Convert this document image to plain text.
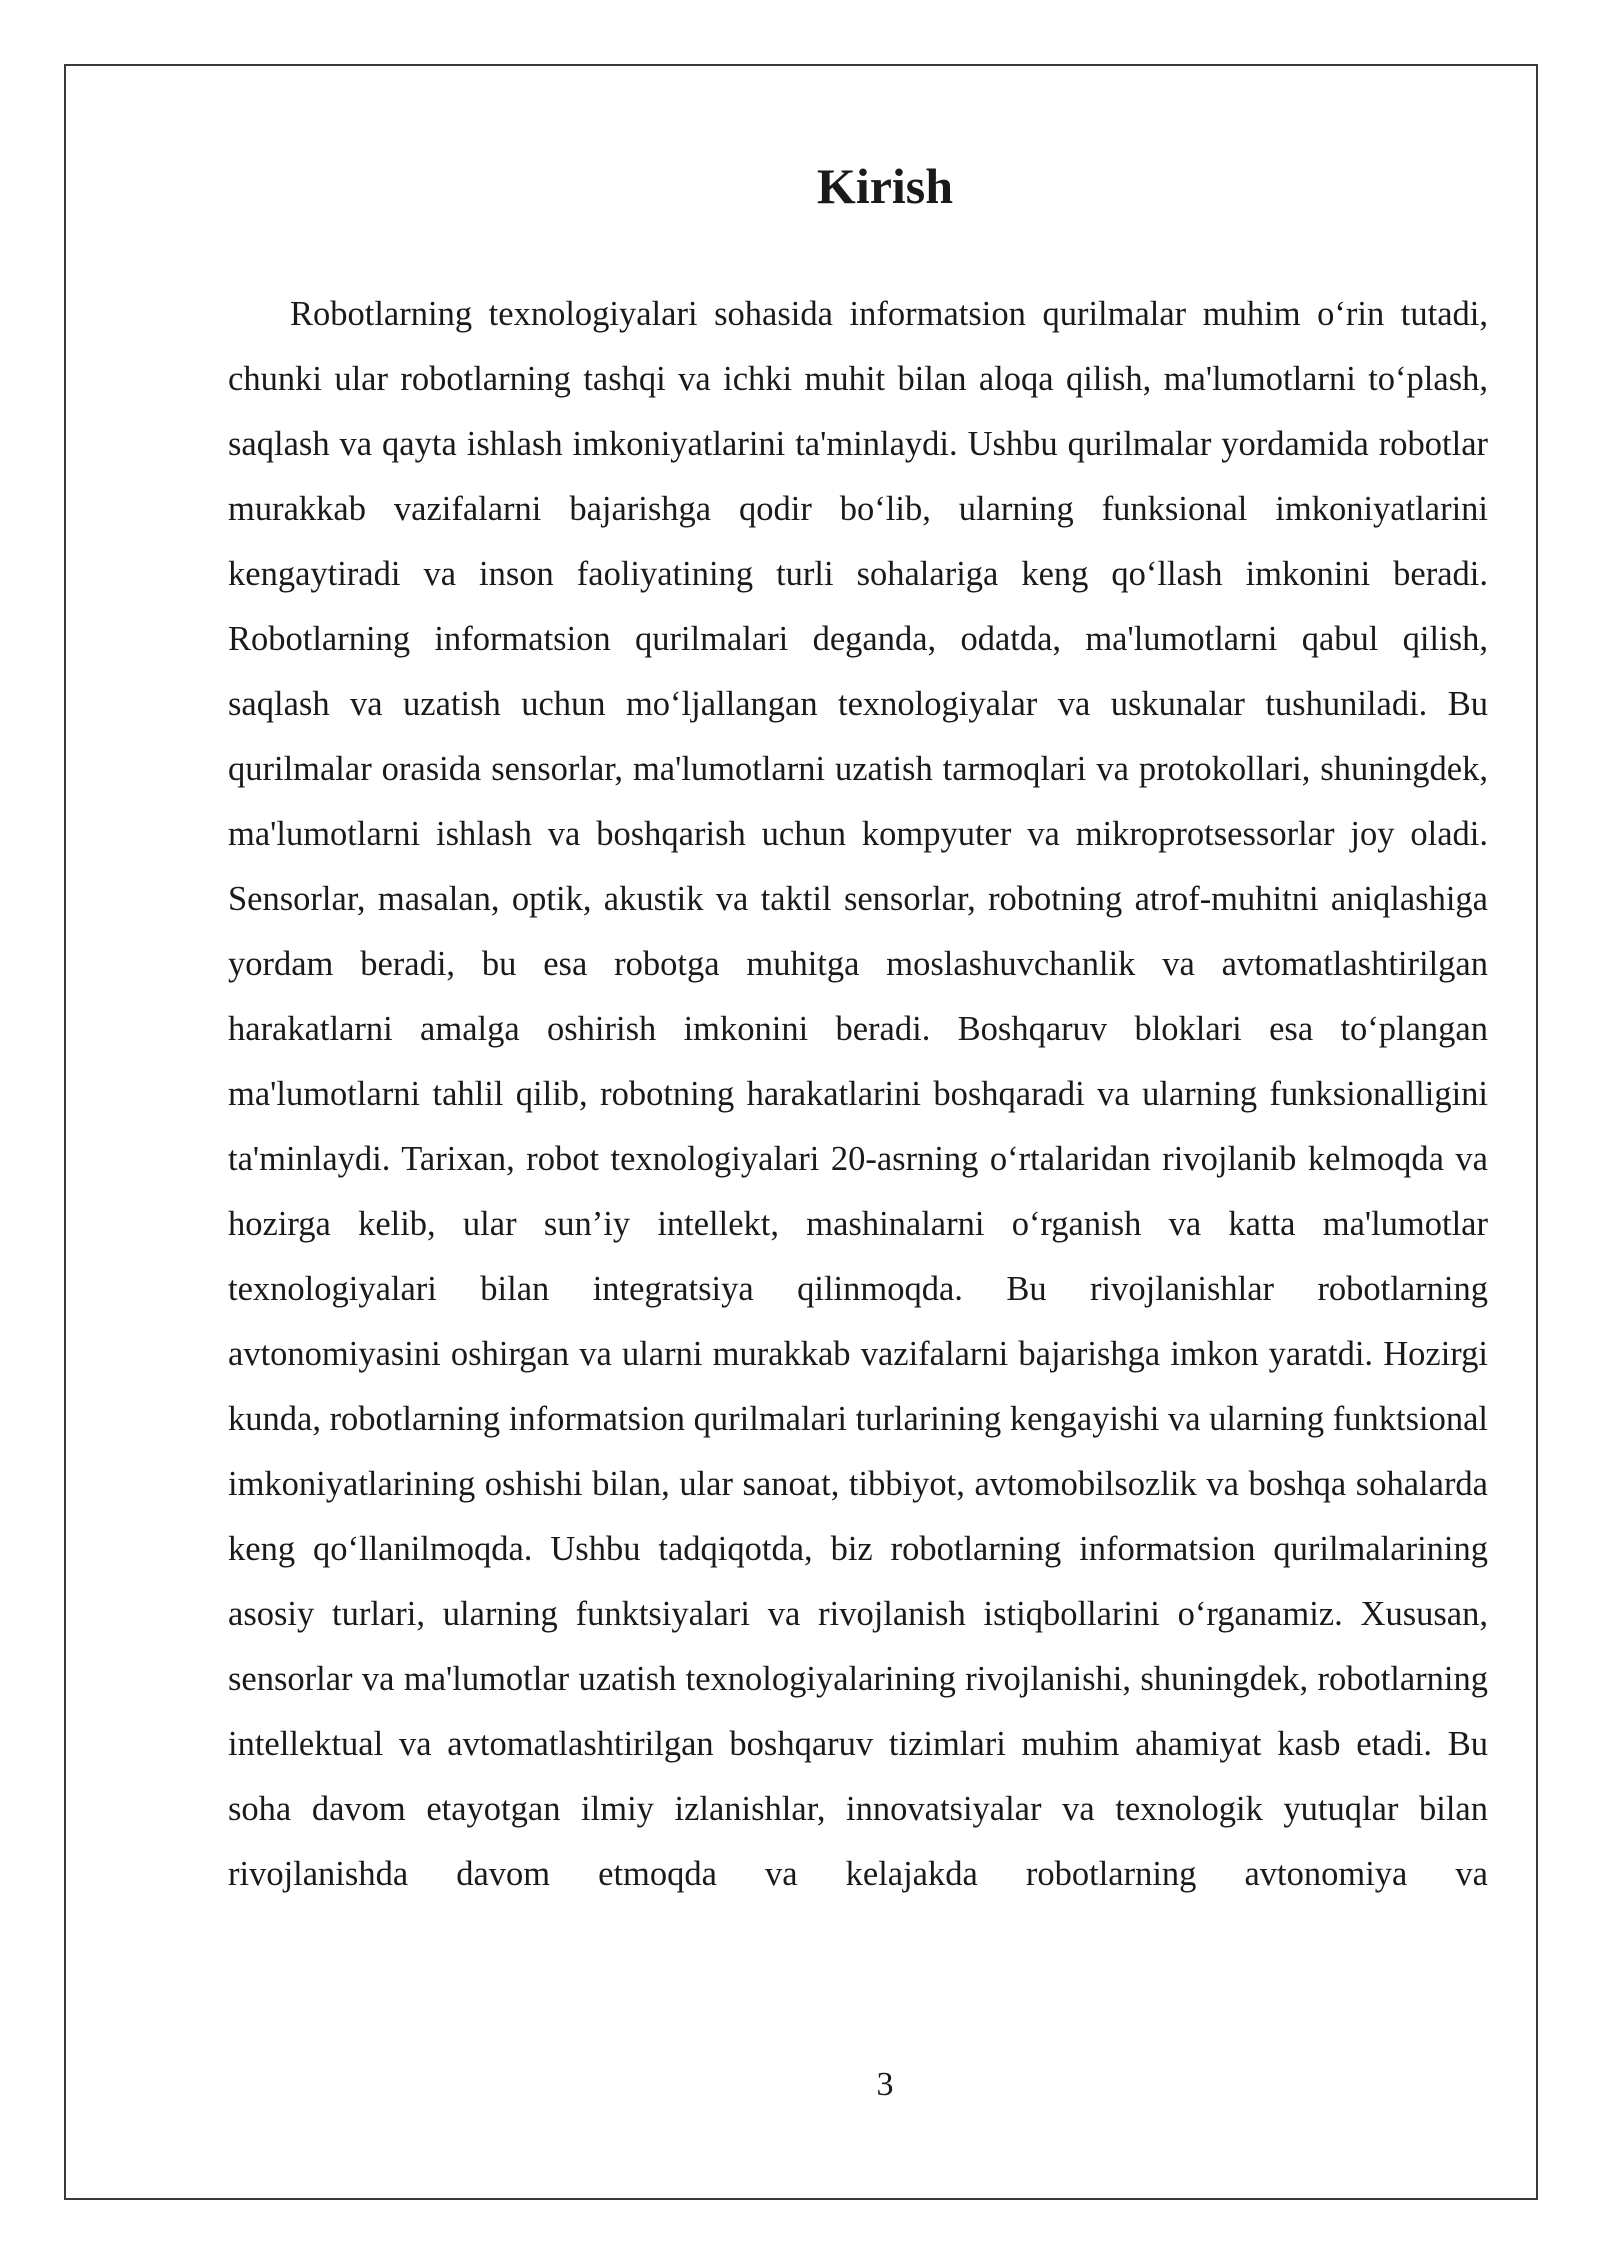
Kirish

Robotlarning texnologiyalari sohasida informatsion qurilmalar muhim o‘rin tutadi, chunki ular robotlarning tashqi va ichki muhit bilan aloqa qilish, ma'lumotlarni to‘plash, saqlash va qayta ishlash imkoniyatlarini ta'minlaydi. Ushbu qurilmalar yordamida robotlar murakkab vazifalarni bajarishga qodir bo‘lib, ularning funksional imkoniyatlarini kengaytiradi va inson faoliyatining turli sohalariga keng qo‘llash imkonini beradi. Robotlarning informatsion qurilmalari deganda, odatda, ma'lumotlarni qabul qilish, saqlash va uzatish uchun mo‘ljallangan texnologiyalar va uskunalar tushuniladi. Bu qurilmalar orasida sensorlar, ma'lumotlarni uzatish tarmoqlari va protokollari, shuningdek, ma'lumotlarni ishlash va boshqarish uchun kompyuter va mikroprotsessorlar joy oladi. Sensorlar, masalan, optik, akustik va taktil sensorlar, robotning atrof-muhitni aniqlashiga yordam beradi, bu esa robotga muhitga moslashuvchanlik va avtomatlashtirilgan harakatlarni amalga oshirish imkonini beradi. Boshqaruv bloklari esa to‘plangan ma'lumotlarni tahlil qilib, robotning harakatlarini boshqaradi va ularning funksionalligini ta'minlaydi. Tarixan, robot texnologiyalari 20-asrning o‘rtalaridan rivojlanib kelmoqda va hozirga kelib, ular sun’iy intellekt, mashinalarni o‘rganish va katta ma'lumotlar texnologiyalari bilan integratsiya qilinmoqda. Bu rivojlanishlar robotlarning avtonomiyasini oshirgan va ularni murakkab vazifalarni bajarishga imkon yaratdi. Hozirgi kunda, robotlarning informatsion qurilmalari turlarining kengayishi va ularning funktsional imkoniyatlarining oshishi bilan, ular sanoat, tibbiyot, avtomobilsozlik va boshqa sohalarda keng qo‘llanilmoqda. Ushbu tadqiqotda, biz robotlarning informatsion qurilmalarining asosiy turlari, ularning funktsiyalari va rivojlanish istiqbollarini o‘rganamiz. Xususan, sensorlar va ma'lumotlar uzatish texnologiyalarining rivojlanishi, shuningdek, robotlarning intellektual va avtomatlashtirilgan boshqaruv tizimlari muhim ahamiyat kasb etadi. Bu soha davom etayotgan ilmiy izlanishlar, innovatsiyalar va texnologik yutuqlar bilan rivojlanishda davom etmoqda va kelajakda robotlarning avtonomiya va

3
